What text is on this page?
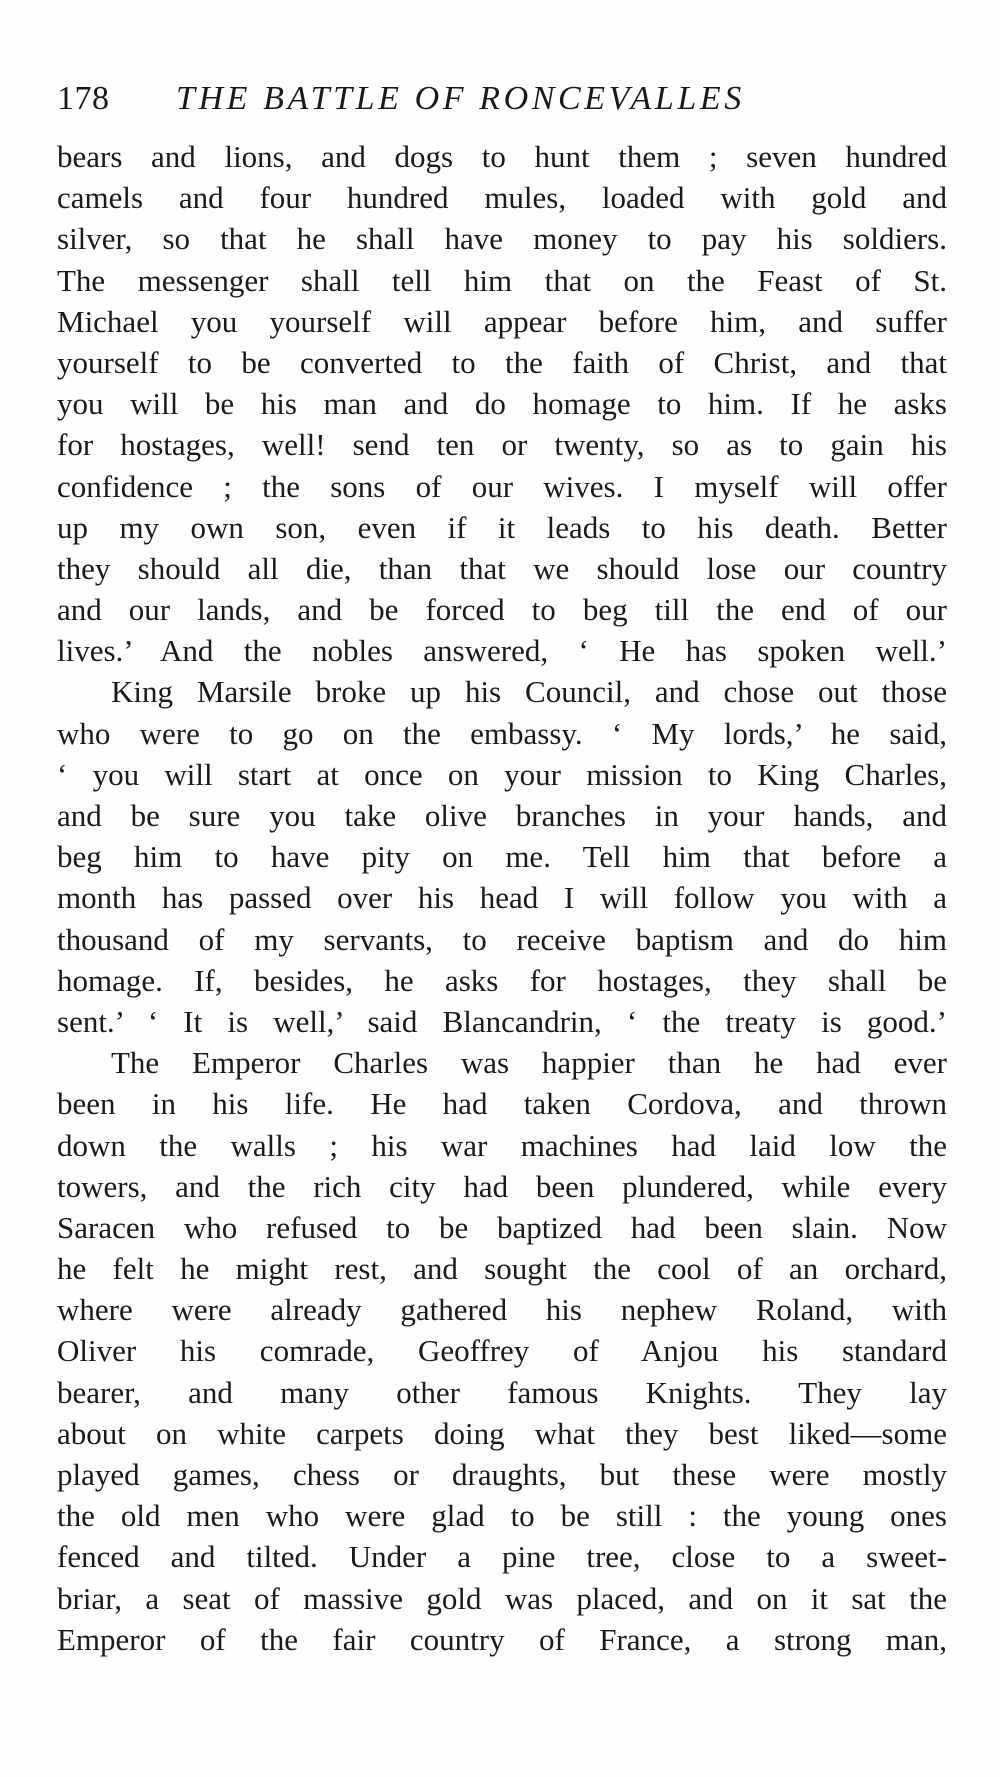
178 THE BATTLE OF RONCEVALLES
bears and lions, and dogs to hunt them ; seven hundred
camels and four hundred mules, loaded with gold and
silver, so that he shall have money to pay his soldiers.
The messenger shall tell him that on the Feast of St.
Michael you yourself will appear before him, and suffer
yourself to be converted to the faith of Christ, and that
you will be his man and do homage to him. If he asks
for hostages, well! send ten or twenty, so as to gain his
confidence ; the sons of our wives. I myself will offer
up my own son, even if it leads to his death. Better
they should all die, than that we should lose our country
and our lands, and be forced to beg till the end of our
lives.’ And the nobles answered, ‘ He has spoken well.’
King Marsile broke up his Council, and chose out those
who were to go on the embassy. ‘ My lords,’ he said,
‘ you will start at once on your mission to King Charles,
and be sure you take olive branches in your hands, and
beg him to have pity on me. Tell him that before a
month has passed over his head I will follow you with a
thousand of my servants, to receive baptism and do him
homage. If, besides, he asks for hostages, they shall be
sent.’ ‘ It is well,’ said Blancandrin, ‘ the treaty is good.’
The Emperor Charles was happier than he had ever
been in his life. He had taken Cordova, and thrown
down the walls ; his war machines had laid low the
towers, and the rich city had been plundered, while every
Saracen who refused to be baptized had been slain. Now
he felt he might rest, and sought the cool of an orchard,
where were already gathered his nephew Roland, with
Oliver his comrade, Geoffrey of Anjou his standard
bearer, and many other famous Knights. They lay
about on white carpets doing what they best liked—some
played games, chess or draughts, but these were mostly
the old men who were glad to be still : the young ones
fenced and tilted. Under a pine tree, close to a sweet-
briar, a seat of massive gold was placed, and on it sat the
Emperor of the fair country of France, a strong man,
